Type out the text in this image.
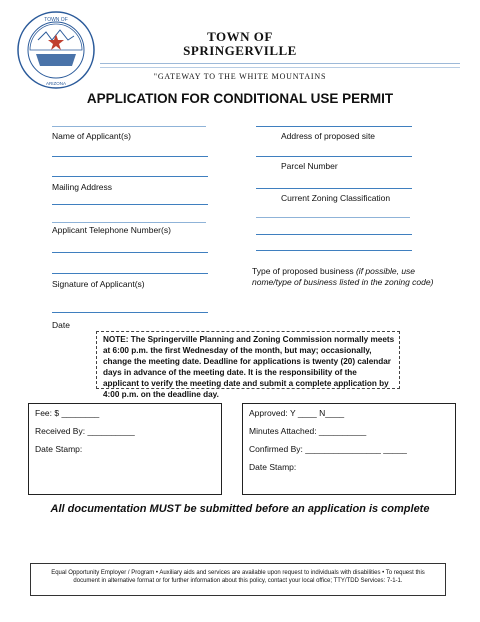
TOWN OF
ARIZONA
TOWN OF
SPRINGERVILLE
"GATEWAY TO THE WHITE MOUNTAINS
APPLICATION FOR CONDITIONAL USE PERMIT
Name of Applicant(s)
Mailing Address
Applicant Telephone Number(s)
Signature of Applicant(s)
Date
Address of proposed site
Parcel Number
Current Zoning Classification
Type of proposed business (if possible, use nome/type of business listed in the zoning code)
NOTE: The Springerville Planning and Zoning Commission normally meets at 6:00 p.m. the first Wednesday of the month, but may; occasionally, change the meeting date. Deadline for applications is twenty (20) calendar days in advance of the meeting date. It is the responsibility of the applicant to verify the meeting date and submit a complete application by 4:00 p.m. on the deadline day.
Fee: $ ________
Received By: __________
Date Stamp:
Approved: Y ____ N____
Minutes Attached: __________
Confirmed By: ________________ _____
Date Stamp:
All documentation MUST be submitted before an application is complete
Equal Opportunity Employer / Program • Auxiliary aids and services are available upon request to individuals with disabilities • To request this document in alternative format or for further information about this policy, contact your local office; TTY/TDD Services: 7-1-1.
